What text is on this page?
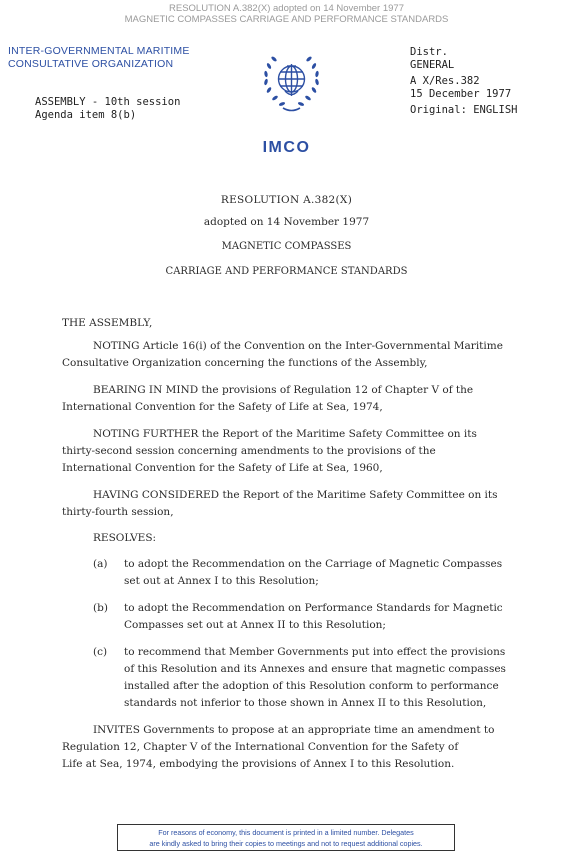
RESOLUTION A.382(X) adopted on 14 November 1977
MAGNETIC COMPASSES CARRIAGE AND PERFORMANCE STANDARDS
INTER-GOVERNMENTAL MARITIME
CONSULTATIVE ORGANIZATION
Distr.
GENERAL
A X/Res.382
15 December 1977
Original: ENGLISH
ASSEMBLY - 10th session
Agenda item 8(b)
IMCO
RESOLUTION A.382(X)
adopted on 14 November 1977
MAGNETIC COMPASSES
CARRIAGE AND PERFORMANCE STANDARDS
THE ASSEMBLY,
NOTING Article 16(i) of the Convention on the Inter-Governmental Maritime
Consultative Organization concerning the functions of the Assembly,
BEARING IN MIND the provisions of Regulation 12 of Chapter V of the
International Convention for the Safety of Life at Sea, 1974,
NOTING FURTHER the Report of the Maritime Safety Committee on its
thirty-second session concerning amendments to the provisions of the
International Convention for the Safety of Life at Sea, 1960,
HAVING CONSIDERED the Report of the Maritime Safety Committee on its
thirty-fourth session,
RESOLVES:
(a) to adopt the Recommendation on the Carriage of Magnetic Compasses
set out at Annex I to this Resolution;
(b) to adopt the Recommendation on Performance Standards for Magnetic
Compasses set out at Annex II to this Resolution;
(c) to recommend that Member Governments put into effect the provisions
of this Resolution and its Annexes and ensure that magnetic compasses
installed after the adoption of this Resolution conform to performance
standards not inferior to those shown in Annex II to this Resolution,
INVITES Governments to propose at an appropriate time an amendment to
Regulation 12, Chapter V of the International Convention for the Safety of
Life at Sea, 1974, embodying the provisions of Annex I to this Resolution.
For reasons of economy, this document is printed in a limited number. Delegates
are kindly asked to bring their copies to meetings and not to request additional copies.
